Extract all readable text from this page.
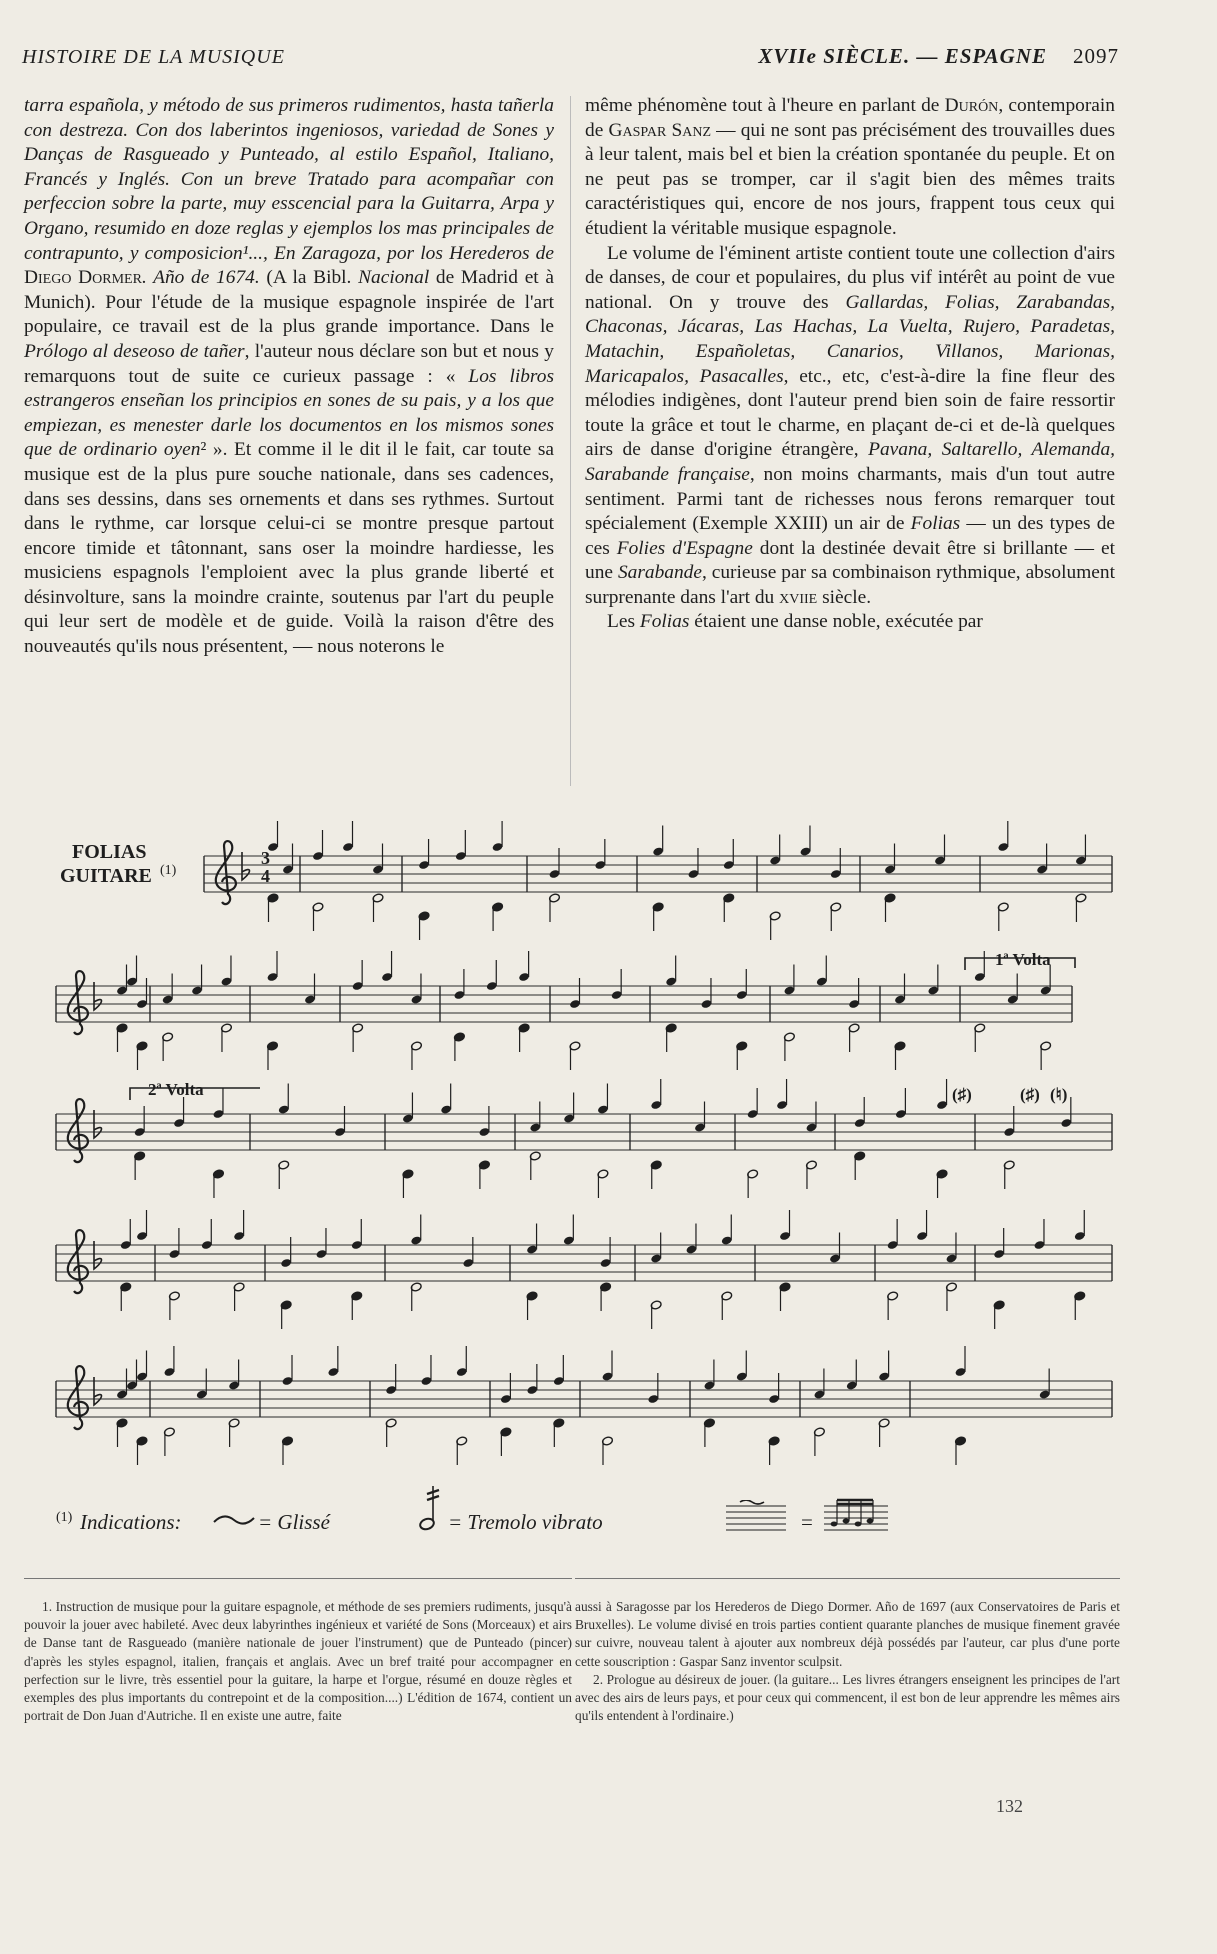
HISTOIRE DE LA MUSIQUE	XVIIe SIÈCLE. — ESPAGNE 2097

tarra española, y método de sus primeros rudimentos, hasta tañerla con destreza. Con dos laberintos ingeniosos, variedad de Sones y Danças de Rasgueado y Punteado, al estilo Español, Italiano, Francés y Inglés. Con un breve Tratado para acompañar con perfeccion sobre la parte, muy esscencial para la Guitarra, Arpa y Organo, resumido en doze reglas y ejemplos los mas principales de contrapunto, y composicion¹..., En Zaragoza, por los Herederos de Diego Dormer. Año de 1674. (A la Bibl. Nacional de Madrid et à Munich). Pour l'étude de la musique espagnole inspirée de l'art populaire, ce travail est de la plus grande importance. Dans le Prólogo al deseoso de tañer, l'auteur nous déclare son but et nous y remarquons tout de suite ce curieux passage : « Los libros estrangeros enseñan los principios en sones de su pais, y a los que empiezan, es menester darle los documentos en los mismos sones que de ordinario oyen² ». Et comme il le dit il le fait, car toute sa musique est de la plus pure souche nationale, dans ses cadences, dans ses dessins, dans ses ornements et dans ses rythmes. Surtout dans le rythme, car lorsque celui-ci se montre presque partout encore timide et tâtonnant, sans oser la moindre hardiesse, les musiciens espagnols l'emploient avec la plus grande liberté et désinvolture, sans la moindre crainte, soutenus par l'art du peuple qui leur sert de modèle et de guide. Voilà la raison d'être des nouveautés qu'ils nous présentent, — nous noterons le

même phénomène tout à l'heure en parlant de Durón, contemporain de Gaspar Sanz — qui ne sont pas précisément des trouvailles dues à leur talent, mais bel et bien la création spontanée du peuple. Et on ne peut pas se tromper, car il s'agit bien des mêmes traits caractéristiques qui, encore de nos jours, frappent tous ceux qui étudient la véritable musique espagnole.

Le volume de l'éminent artiste contient toute une collection d'airs de danses, de cour et populaires, du plus vif intérêt au point de vue national. On y trouve des Gallardas, Folias, Zarabandas, Chaconas, Jácaras, Las Hachas, La Vuelta, Rujero, Paradetas, Matachin, Españoletas, Canarios, Villanos, Marionas, Maricapalos, Pasacalles, etc., etc, c'est-à-dire la fine fleur des mélodies indigènes, dont l'auteur prend bien soin de faire ressortir toute la grâce et tout le charme, en plaçant de-ci et de-là quelques airs de danse d'origine étrangère, Pavana, Saltarello, Alemanda, Sarabande française, non moins charmants, mais d'un tout autre sentiment. Parmi tant de richesses nous ferons remarquer tout spécialement (Exemple XXIII) un air de Folias — un des types de ces Folies d'Espagne dont la destinée devait être si brillante — et une Sarabande, curieuse par sa combinaison rythmique, absolument surprenante dans l'art du xviie siècle.

Les Folias étaient une danse noble, exécutée par

FOLIAS
GUITARE (1)
3
4
1ª Volta
2ª Volta	(♯)	(♯) (♮)
(1) Indications:	= Glissé	= Tremolo vibrato	=

1. Instruction de musique pour la guitare espagnole, et méthode de ses premiers rudiments, jusqu'à pouvoir la jouer avec habileté. Avec deux labyrinthes ingénieux et variété de Sons (Morceaux) et airs de Danse tant de Rasgueado (manière nationale de jouer l'instrument) que de Punteado (pincer) d'après les styles espagnol, italien, français et anglais. Avec un bref traité pour accompagner en perfection sur le livre, très essentiel pour la guitare, la harpe et l'orgue, résumé en douze règles et exemples des plus importants du contrepoint et de la composition....) L'édition de 1674, contient un portrait de Don Juan d'Autriche. Il en existe une autre, faite

aussi à Saragosse par los Herederos de Diego Dormer. Año de 1697 (aux Conservatoires de Paris et Bruxelles). Le volume divisé en trois parties contient quarante planches de musique finement gravée sur cuivre, nouveau talent à ajouter aux nombreux déjà possédés par l'auteur, car plus d'une porte cette souscription : Gaspar Sanz inventor sculpsit.

2. Prologue au désireux de jouer. (la guitare... Les livres étrangers enseignent les principes de l'art avec des airs de leurs pays, et pour ceux qui commencent, il est bon de leur apprendre les mêmes airs qu'ils entendent à l'ordinaire.)

132
